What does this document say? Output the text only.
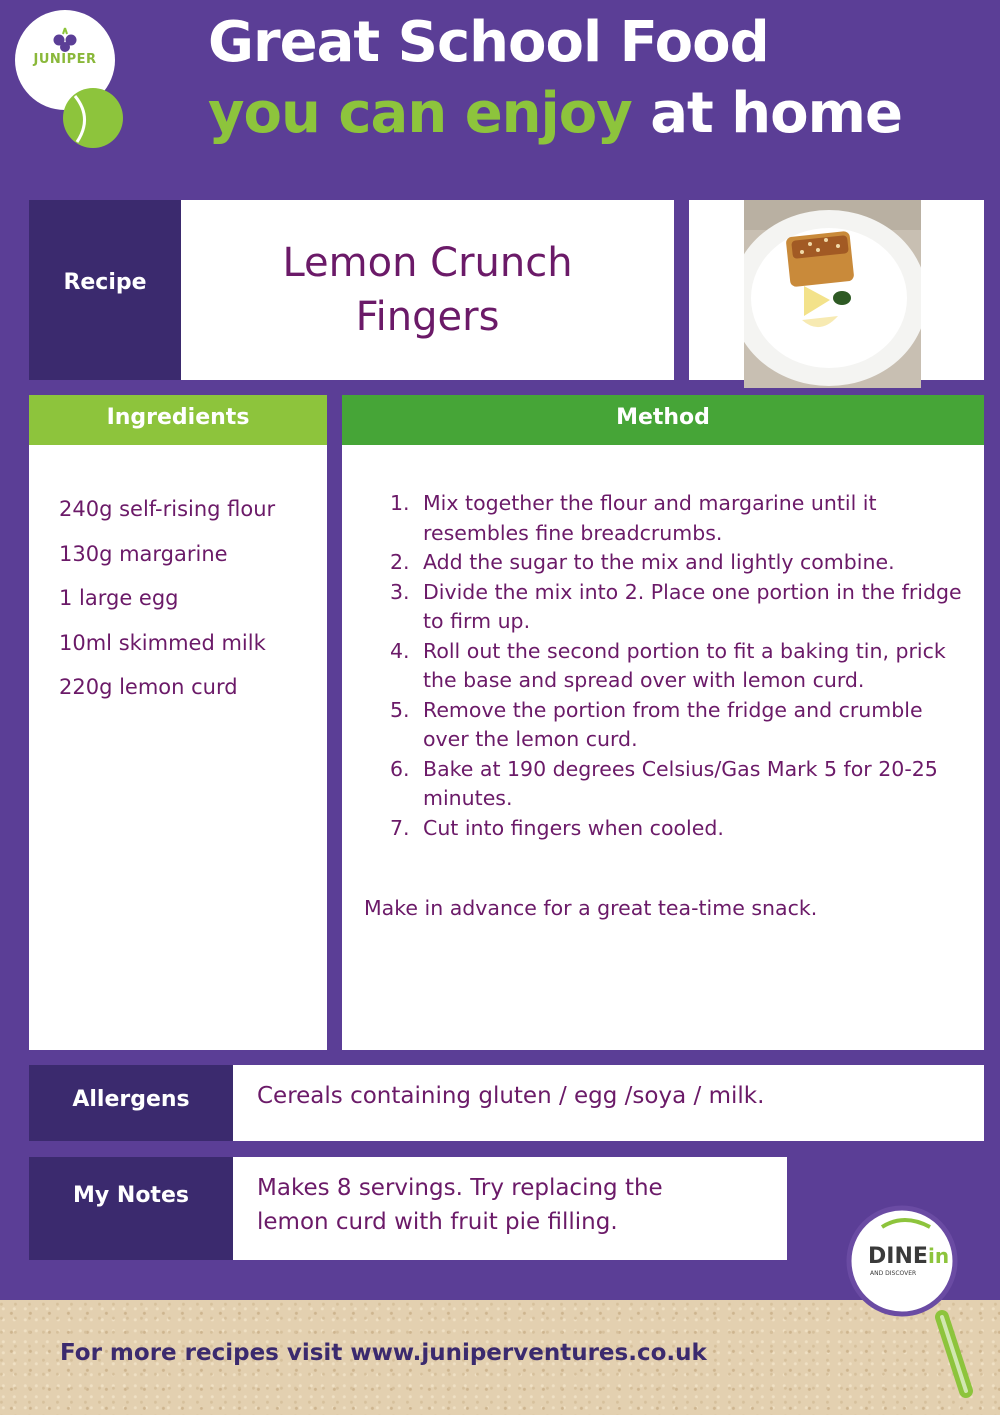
JUNIPER	Great School Food
you can enjoy at home
Recipe	Lemon Crunch
Fingers
Ingredients
240g self-rising flour
130g margarine
1 large egg
10ml skimmed milk
220g lemon curd
Method
1. Mix together the flour and margarine until it resembles fine breadcrumbs.
2. Add the sugar to the mix and lightly combine.
3. Divide the mix into 2. Place one portion in the fridge to firm up.
4. Roll out the second portion to fit a baking tin, prick the base and spread over with lemon curd.
5. Remove the portion from the fridge and crumble over the lemon curd.
6. Bake at 190 degrees Celsius/Gas Mark 5 for 20-25 minutes.
7. Cut into fingers when cooled.
Make in advance for a great tea-time snack.
Allergens	Cereals containing gluten / egg /soya / milk.
My Notes	Makes 8 servings. Try replacing the
lemon curd with fruit pie filling.
For more recipes visit www.juniperventures.co.uk
DINE in
AND DISCOVER
